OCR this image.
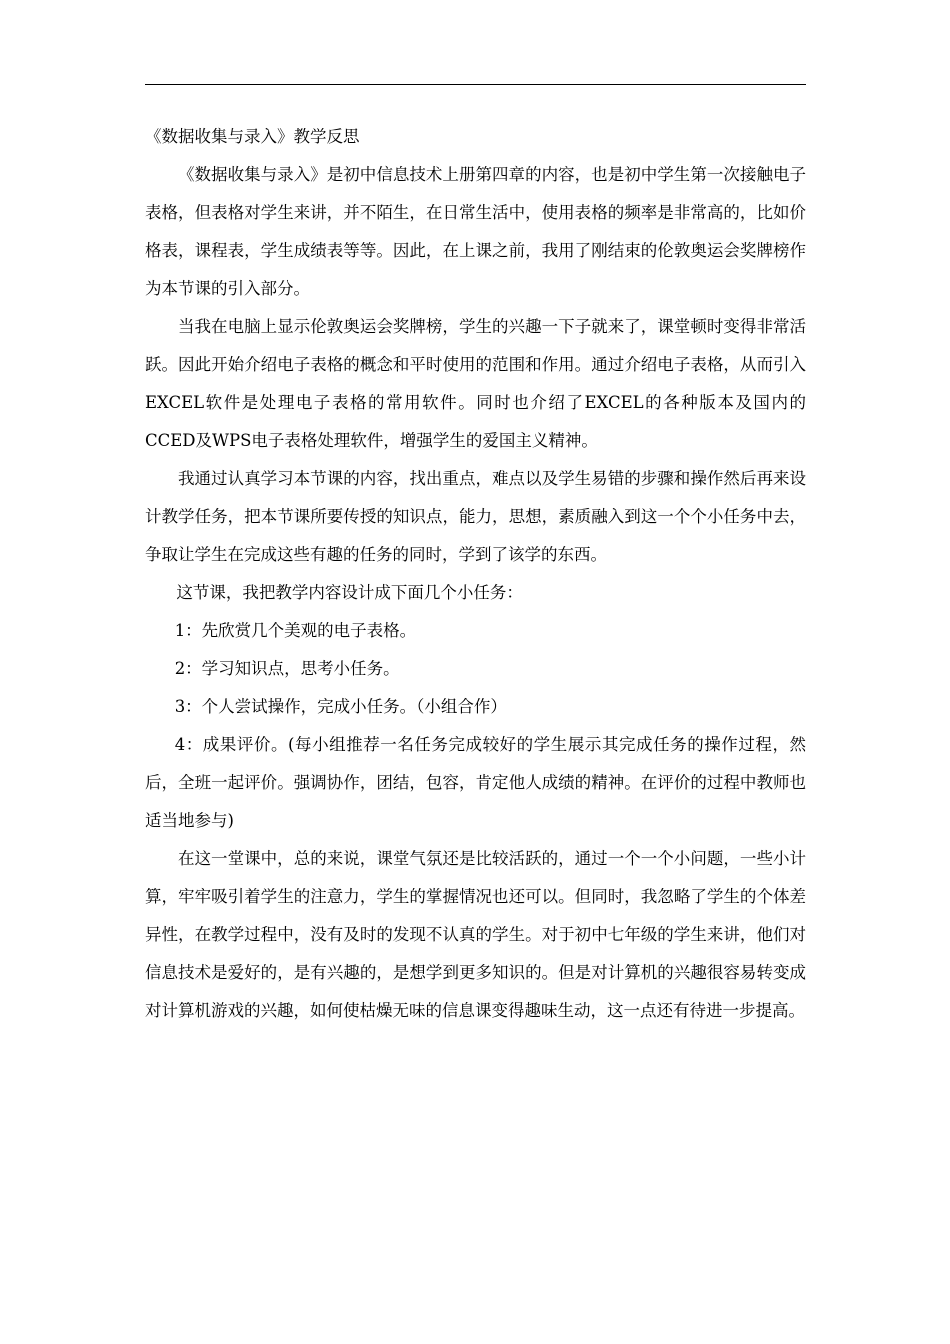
《数据收集与录入》教学反思

《数据收集与录入》是初中信息技术上册第四章的内容，也是初中学生第一次接触电子表格，但表格对学生来讲，并不陌生，在日常生活中，使用表格的频率是非常高的，比如价格表，课程表，学生成绩表等等。因此，在上课之前，我用了刚结束的伦敦奥运会奖牌榜作为本节课的引入部分。

当我在电脑上显示伦敦奥运会奖牌榜，学生的兴趣一下子就来了，课堂顿时变得非常活跃。因此开始介绍电子表格的概念和平时使用的范围和作用。通过介绍电子表格，从而引入EXCEL软件是处理电子表格的常用软件。同时也介绍了EXCEL的各种版本及国内的CCED及WPS电子表格处理软件，增强学生的爱国主义精神。

我通过认真学习本节课的内容，找出重点，难点以及学生易错的步骤和操作然后再来设计教学任务，把本节课所要传授的知识点，能力，思想，素质融入到这一个个小任务中去，争取让学生在完成这些有趣的任务的同时，学到了该学的东西。

这节课，我把教学内容设计成下面几个小任务：

1：先欣赏几个美观的电子表格。

2：学习知识点，思考小任务。

3：个人尝试操作，完成小任务。（小组合作）

4：成果评价。(每小组推荐一名任务完成较好的学生展示其完成任务的操作过程，然后，全班一起评价。强调协作，团结，包容，肯定他人成绩的精神。在评价的过程中教师也适当地参与)

在这一堂课中，总的来说，课堂气氛还是比较活跃的，通过一个一个小问题，一些小计算，牢牢吸引着学生的注意力，学生的掌握情况也还可以。但同时，我忽略了学生的个体差异性，在教学过程中，没有及时的发现不认真的学生。对于初中七年级的学生来讲，他们对信息技术是爱好的，是有兴趣的，是想学到更多知识的。但是对计算机的兴趣很容易转变成对计算机游戏的兴趣，如何使枯燥无味的信息课变得趣味生动，这一点还有待进一步提高。
